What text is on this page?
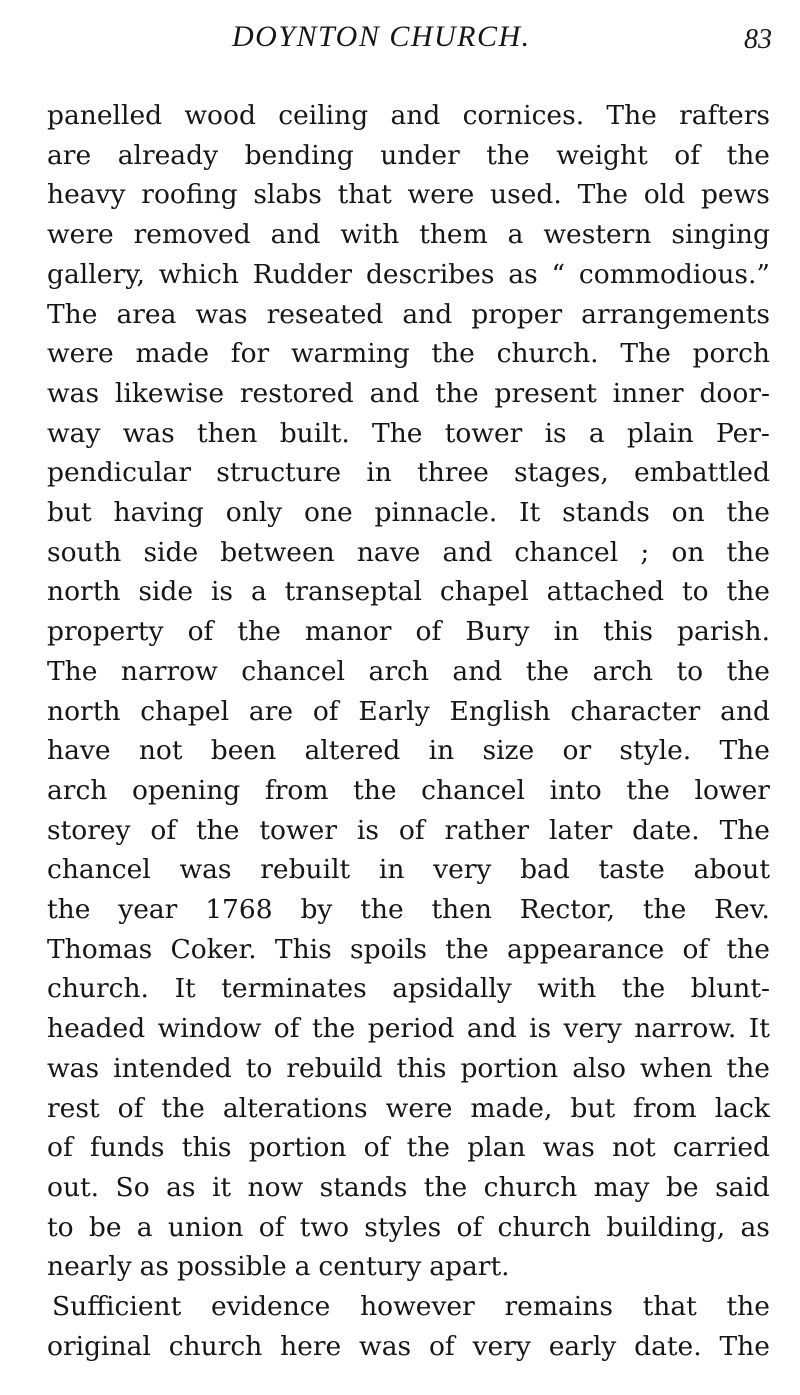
DOYNTON CHURCH.	83
panelled wood ceiling and cornices. The rafters
are already bending under the weight of the
heavy roofing slabs that were used. The old pews
were removed and with them a western singing
gallery, which Rudder describes as “ commodious.”
The area was reseated and proper arrangements
were made for warming the church. The porch
was likewise restored and the present inner door-
way was then built. The tower is a plain Per-
pendicular structure in three stages, embattled
but having only one pinnacle. It stands on the
south side between nave and chancel ; on the
north side is a transeptal chapel attached to the
property of the manor of Bury in this parish.
The narrow chancel arch and the arch to the
north chapel are of Early English character and
have not been altered in size or style. The
arch opening from the chancel into the lower
storey of the tower is of rather later date. The
chancel was rebuilt in very bad taste about
the year 1768 by the then Rector, the Rev.
Thomas Coker. This spoils the appearance of the
church. It terminates apsidally with the blunt-
headed window of the period and is very narrow. It
was intended to rebuild this portion also when the
rest of the alterations were made, but from lack
of funds this portion of the plan was not carried
out. So as it now stands the church may be said
to be a union of two styles of church building, as
nearly as possible a century apart.
Sufficient evidence however remains that the
original church here was of very early date. The
